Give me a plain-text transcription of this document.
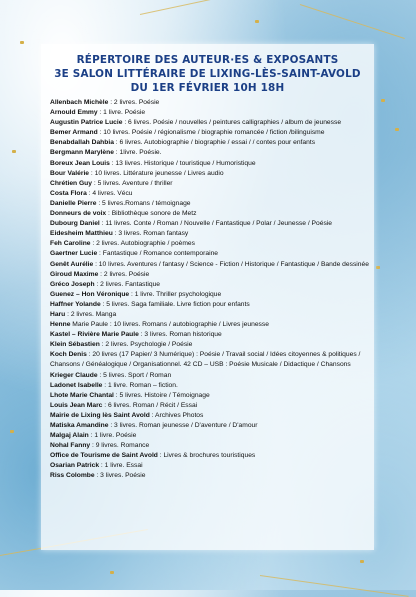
RÉPERTOIRE DES AUTEUR·ES & EXPOSANTS
3E SALON LITTÉRAIRE DE LIXING-LÈS-SAINT-AVOLD
DU 1ER FÉVRIER 10H 18H
Allenbach Michèle : 2 livres. Poésie
Arnould Emmy : 1 livre. Poésie
Augustin Patrice Lucie : 6 livres. Poésie / nouvelles / peintures calligraphies / album de jeunesse
Bemer Armand : 10 livres. Poésie / régionalisme / biographie romancée / fiction /bilinguisme
Benabdallah Dahbia : 6 livres. Autobiographie / biographie / essai / / contes pour enfants
Bergmann Marylène : 1livre. Poésie.
Boreux Jean Louis : 13 livres. Historique / touristique / Humoristique
Bour Valérie : 10 livres. Littérature jeunesse / Livres audio
Chrétien Guy : 5 livres. Aventure / thriller
Costa Flora : 4 livres. Vécu
Danielle Pierre : 5 livres.Romans / témoignage
Donneurs de voix : Bibliothèque sonore de Metz
Dubourg Daniel : 11 livres. Conte / Roman / Nouvelle / Fantastique / Polar / Jeunesse / Poésie
Eidesheim Matthieu : 3 livres. Roman fantasy
Feh Caroline : 2 livres. Autobiographie / poèmes
Gaertner Lucie : Fantastique / Romance contemporaine
Genêt Aurélie : 10 livres. Aventures / fantasy / Science - Fiction / Historique / Fantastique / Bande dessinée
Giroud Maxime : 2 livres. Poésie
Gréco Joseph : 2 livres. Fantastique
Guenez – Hon Véronique : 1 livre. Thriller psychologique
Haffner Yolande : 5 livres. Saga familiale. Livre fiction pour enfants
Haru : 2 livres. Manga
Henne Marie Paule : 10 livres. Romans / autobiographie / Livres jeunesse
Kastel – Rivière Marie Paule : 3 livres. Roman historique
Klein Sébastien : 2 livres. Psychologie / Poésie
Koch Denis : 20 livres (17 Papier/ 3 Numérique) : Poésie / Travail social / Idées citoyennes & politiques / Chansons / Généalogique / Organisationnel. 42 CD – USB : Poésie Musicale / Didactique / Chansons
Krieger Claude : 5 livres. Sport / Roman
Ladonet Isabelle : 1 livre. Roman – fiction.
Lhote Marie Chantal : 5 livres. Histoire / Témoignage
Louis Jean Marc : 6 livres. Roman / Récit / Essai
Mairie de Lixing lès Saint Avold : Archives Photos
Matiska Amandine : 3 livres. Roman jeunesse / D'aventure / D'amour
Malgaj Alain : 1 livre. Poésie
Nohal Fanny : 9 livres. Romance
Office de Tourisme de Saint Avold : Livres & brochures touristiques
Osarian Patrick : 1 livre. Essai
Riss Colombe : 3 livres. Poésie
